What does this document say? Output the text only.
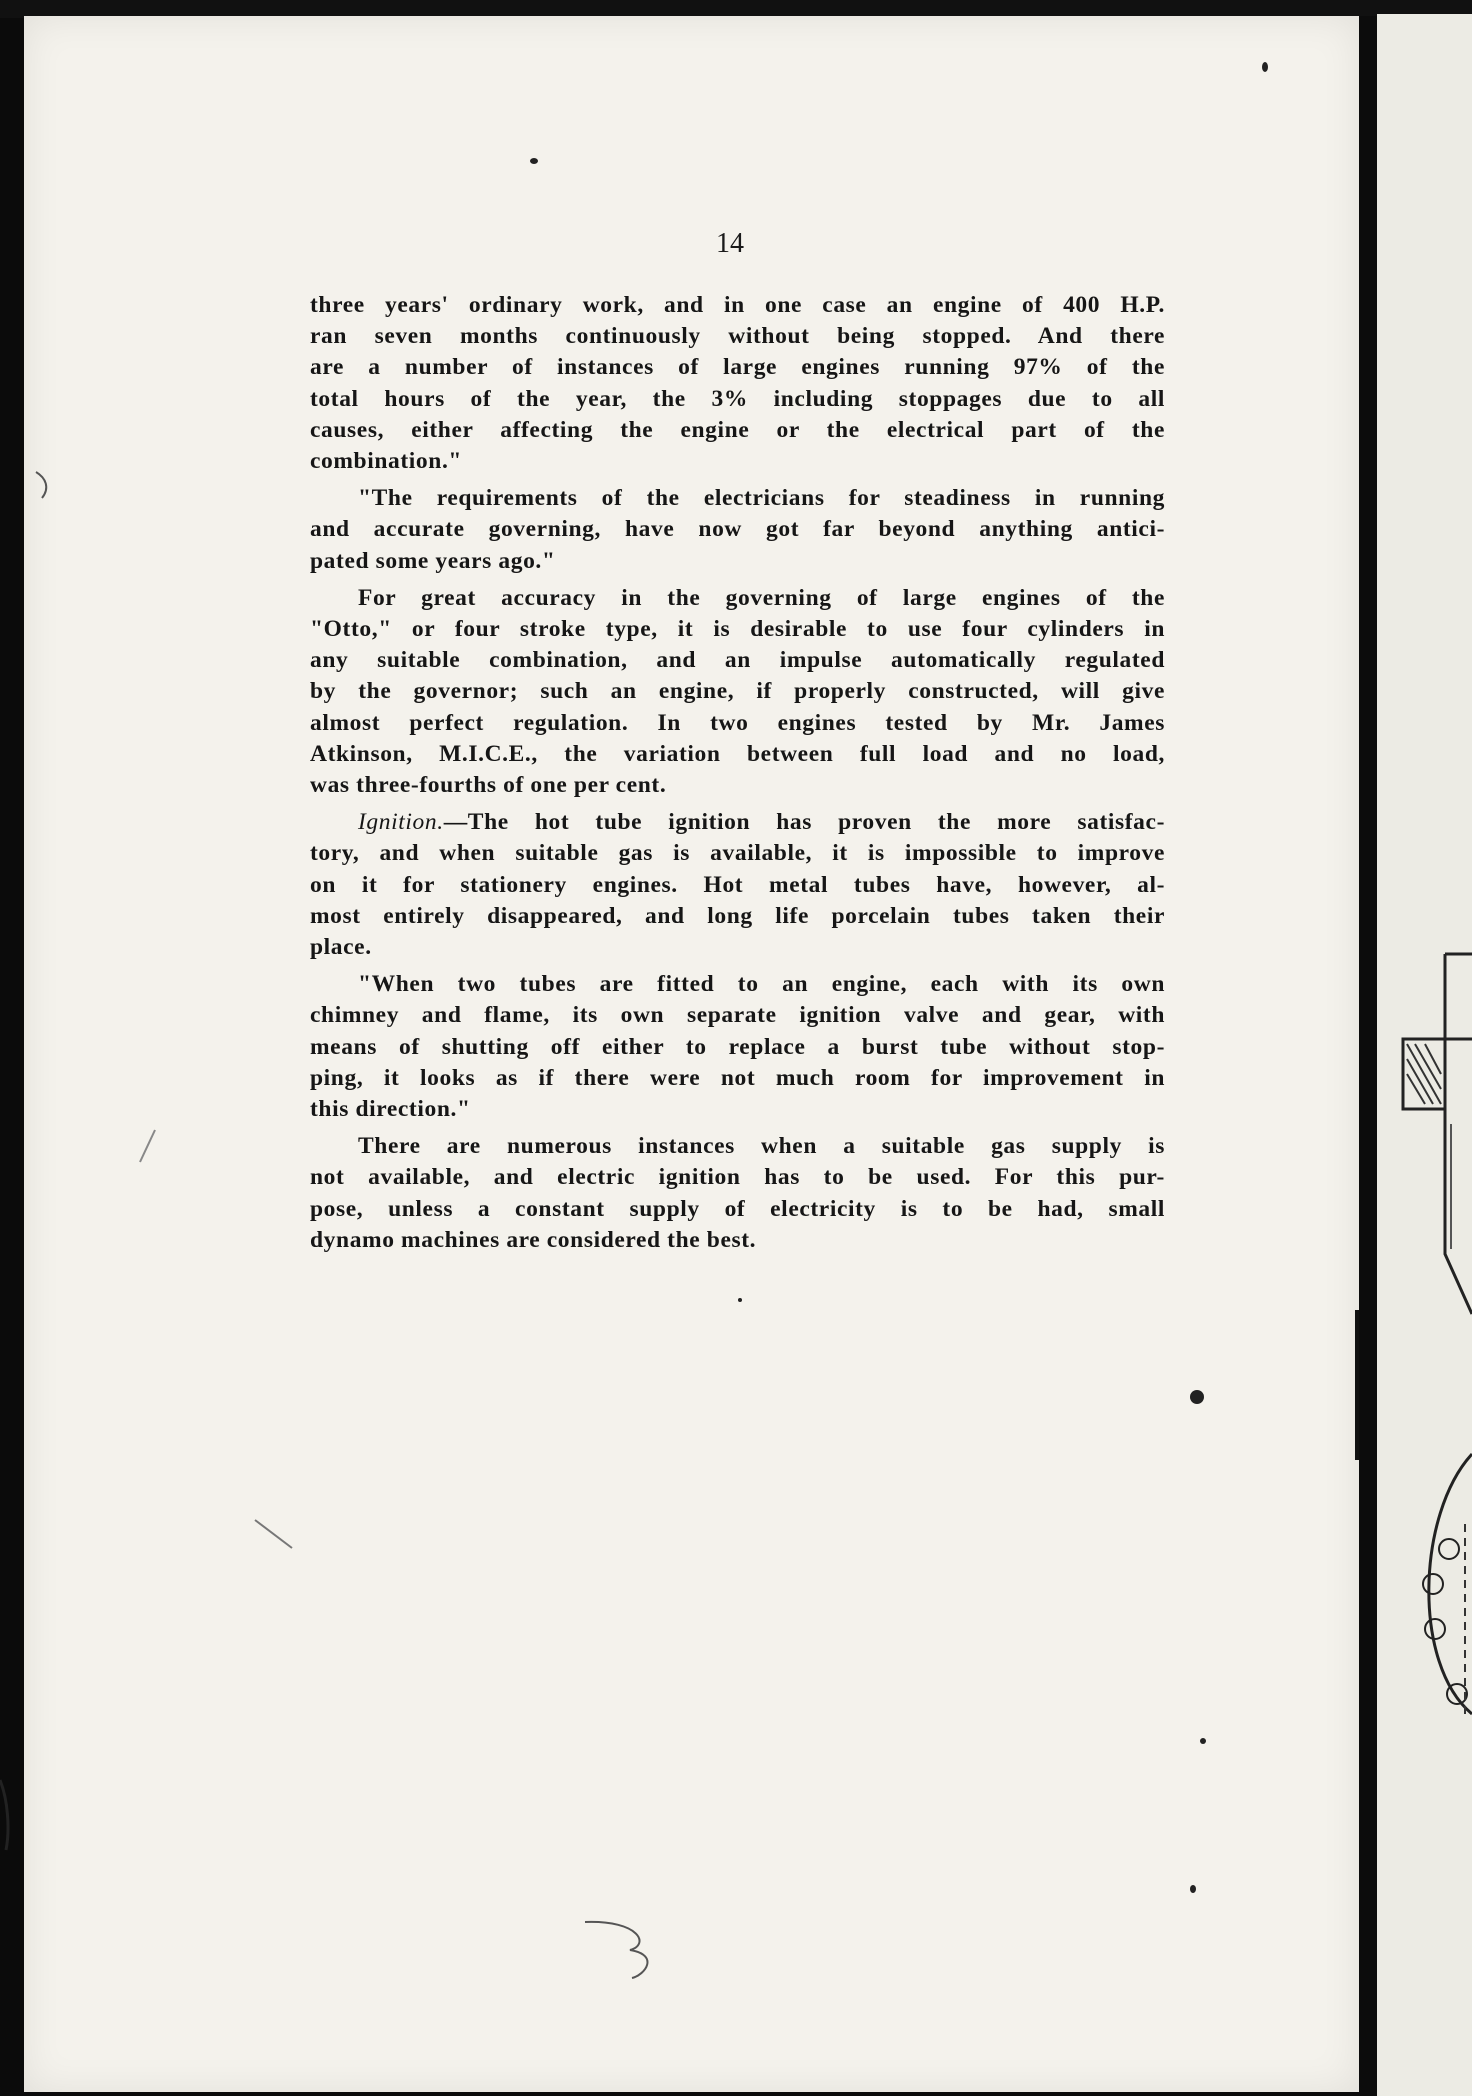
14

three years' ordinary work, and in one case an engine of 400 H.P.
ran seven months continuously without being stopped. And there
are a number of instances of large engines running 97% of the
total hours of the year, the 3% including stoppages due to all
causes, either affecting the engine or the electrical part of the
combination."

"The requirements of the electricians for steadiness in running
and accurate governing, have now got far beyond anything antici-
pated some years ago."

For great accuracy in the governing of large engines of the
"Otto," or four stroke type, it is desirable to use four cylinders in
any suitable combination, and an impulse automatically regulated
by the governor; such an engine, if properly constructed, will give
almost perfect regulation. In two engines tested by Mr. James
Atkinson, M.I.C.E., the variation between full load and no load,
was three-fourths of one per cent.

Ignition.—The hot tube ignition has proven the more satisfac-
tory, and when suitable gas is available, it is impossible to improve
on it for stationery engines. Hot metal tubes have, however, al-
most entirely disappeared, and long life porcelain tubes taken their
place.

"When two tubes are fitted to an engine, each with its own
chimney and flame, its own separate ignition valve and gear, with
means of shutting off either to replace a burst tube without stop-
ping, it looks as if there were not much room for improvement in
this direction."

There are numerous instances when a suitable gas supply is
not available, and electric ignition has to be used. For this pur-
pose, unless a constant supply of electricity is to be had, small
dynamo machines are considered the best.
